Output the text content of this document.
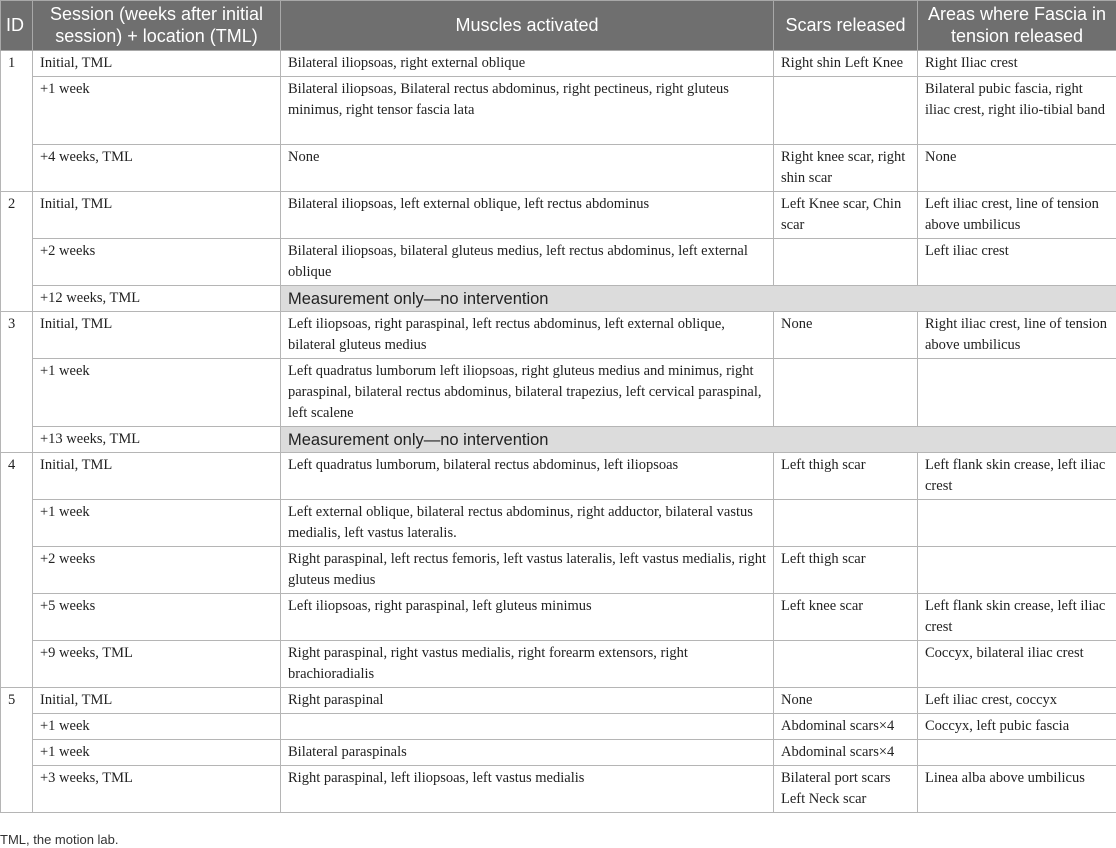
ID	Session (weeks after initial session) + location (TML)	Muscles activated	Scars released	Areas where Fascia in tension released
1	Initial, TML	Bilateral iliopsoas, right external oblique	Right shin Left Knee	Right Iliac crest
	+1 week	Bilateral iliopsoas, Bilateral rectus abdominus, right pectineus, right gluteus minimus, right tensor fascia lata		Bilateral pubic fascia, right iliac crest, right ilio-tibial band
	+4 weeks, TML	None	Right knee scar, right shin scar	None
2	Initial, TML	Bilateral iliopsoas, left external oblique, left rectus abdominus	Left Knee scar, Chin scar	Left iliac crest, line of tension above umbilicus
	+2 weeks	Bilateral iliopsoas, bilateral gluteus medius, left rectus abdominus, left external oblique		Left iliac crest
	+12 weeks, TML	Measurement only—no intervention		
3	Initial, TML	Left iliopsoas, right paraspinal, left rectus abdominus, left external oblique, bilateral gluteus medius	None	Right iliac crest, line of tension above umbilicus
	+1 week	Left quadratus lumborum left iliopsoas, right gluteus medius and minimus, right paraspinal, bilateral rectus abdominus, bilateral trapezius, left cervical paraspinal, left scalene		
	+13 weeks, TML	Measurement only—no intervention		
4	Initial, TML	Left quadratus lumborum, bilateral rectus abdominus, left iliopsoas	Left thigh scar	Left flank skin crease, left iliac crest
	+1 week	Left external oblique, bilateral rectus abdominus, right adductor, bilateral vastus medialis, left vastus lateralis.		
	+2 weeks	Right paraspinal, left rectus femoris, left vastus lateralis, left vastus medialis, right gluteus medius	Left thigh scar	
	+5 weeks	Left iliopsoas, right paraspinal, left gluteus minimus	Left knee scar	Left flank skin crease, left iliac crest
	+9 weeks, TML	Right paraspinal, right vastus medialis, right forearm extensors, right brachioradialis		Coccyx, bilateral iliac crest
5	Initial, TML	Right paraspinal	None	Left iliac crest, coccyx
	+1 week		Abdominal scars×4	Coccyx, left pubic fascia
	+1 week	Bilateral paraspinals	Abdominal scars×4	
	+3 weeks, TML	Right paraspinal, left iliopsoas, left vastus medialis	Bilateral port scars Left Neck scar	Linea alba above umbilicus
TML, the motion lab.
